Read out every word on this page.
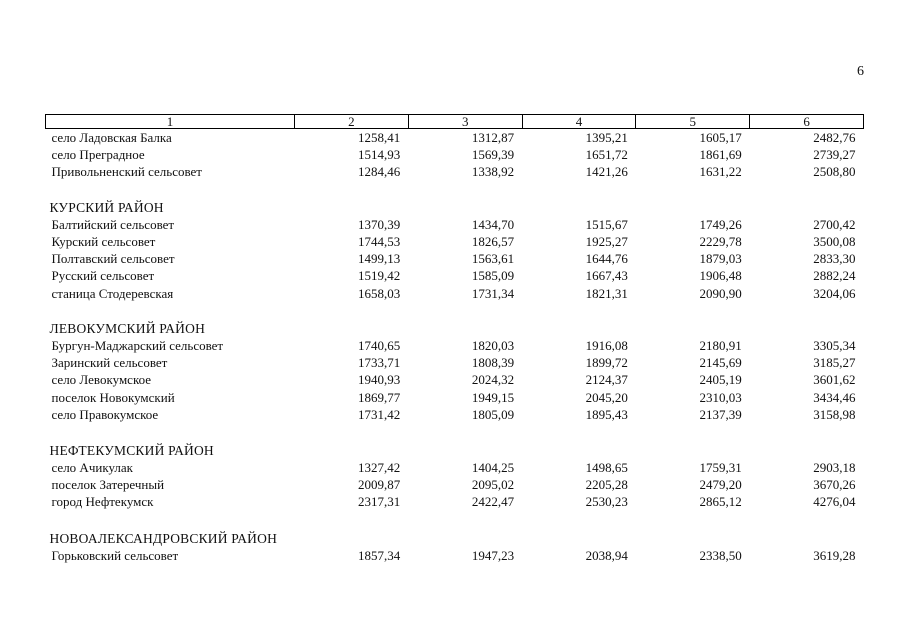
6
1	2	3	4	5	6
село Ладовская Балка	1258,41	1312,87	1395,21	1605,17	2482,76
село Преградное	1514,93	1569,39	1651,72	1861,69	2739,27
Привольненский сельсовет	1284,46	1338,92	1421,26	1631,22	2508,80

КУРСКИЙ РАЙОН					
Балтийский сельсовет	1370,39	1434,70	1515,67	1749,26	2700,42
Курский сельсовет	1744,53	1826,57	1925,27	2229,78	3500,08
Полтавский сельсовет	1499,13	1563,61	1644,76	1879,03	2833,30
Русский сельсовет	1519,42	1585,09	1667,43	1906,48	2882,24
станица Стодеревская	1658,03	1731,34	1821,31	2090,90	3204,06

ЛЕВОКУМСКИЙ РАЙОН					
Бургун-Маджарский сельсовет	1740,65	1820,03	1916,08	2180,91	3305,34
Заринский сельсовет	1733,71	1808,39	1899,72	2145,69	3185,27
село Левокумское	1940,93	2024,32	2124,37	2405,19	3601,62
поселок Новокумский	1869,77	1949,15	2045,20	2310,03	3434,46
село Правокумское	1731,42	1805,09	1895,43	2137,39	3158,98

НЕФТЕКУМСКИЙ РАЙОН					
село Ачикулак	1327,42	1404,25	1498,65	1759,31	2903,18
поселок Затеречный	2009,87	2095,02	2205,28	2479,20	3670,26
город Нефтекумск	2317,31	2422,47	2530,23	2865,12	4276,04

НОВОАЛЕКСАНДРОВСКИЙ РАЙОН					
Горьковский сельсовет	1857,34	1947,23	2038,94	2338,50	3619,28
